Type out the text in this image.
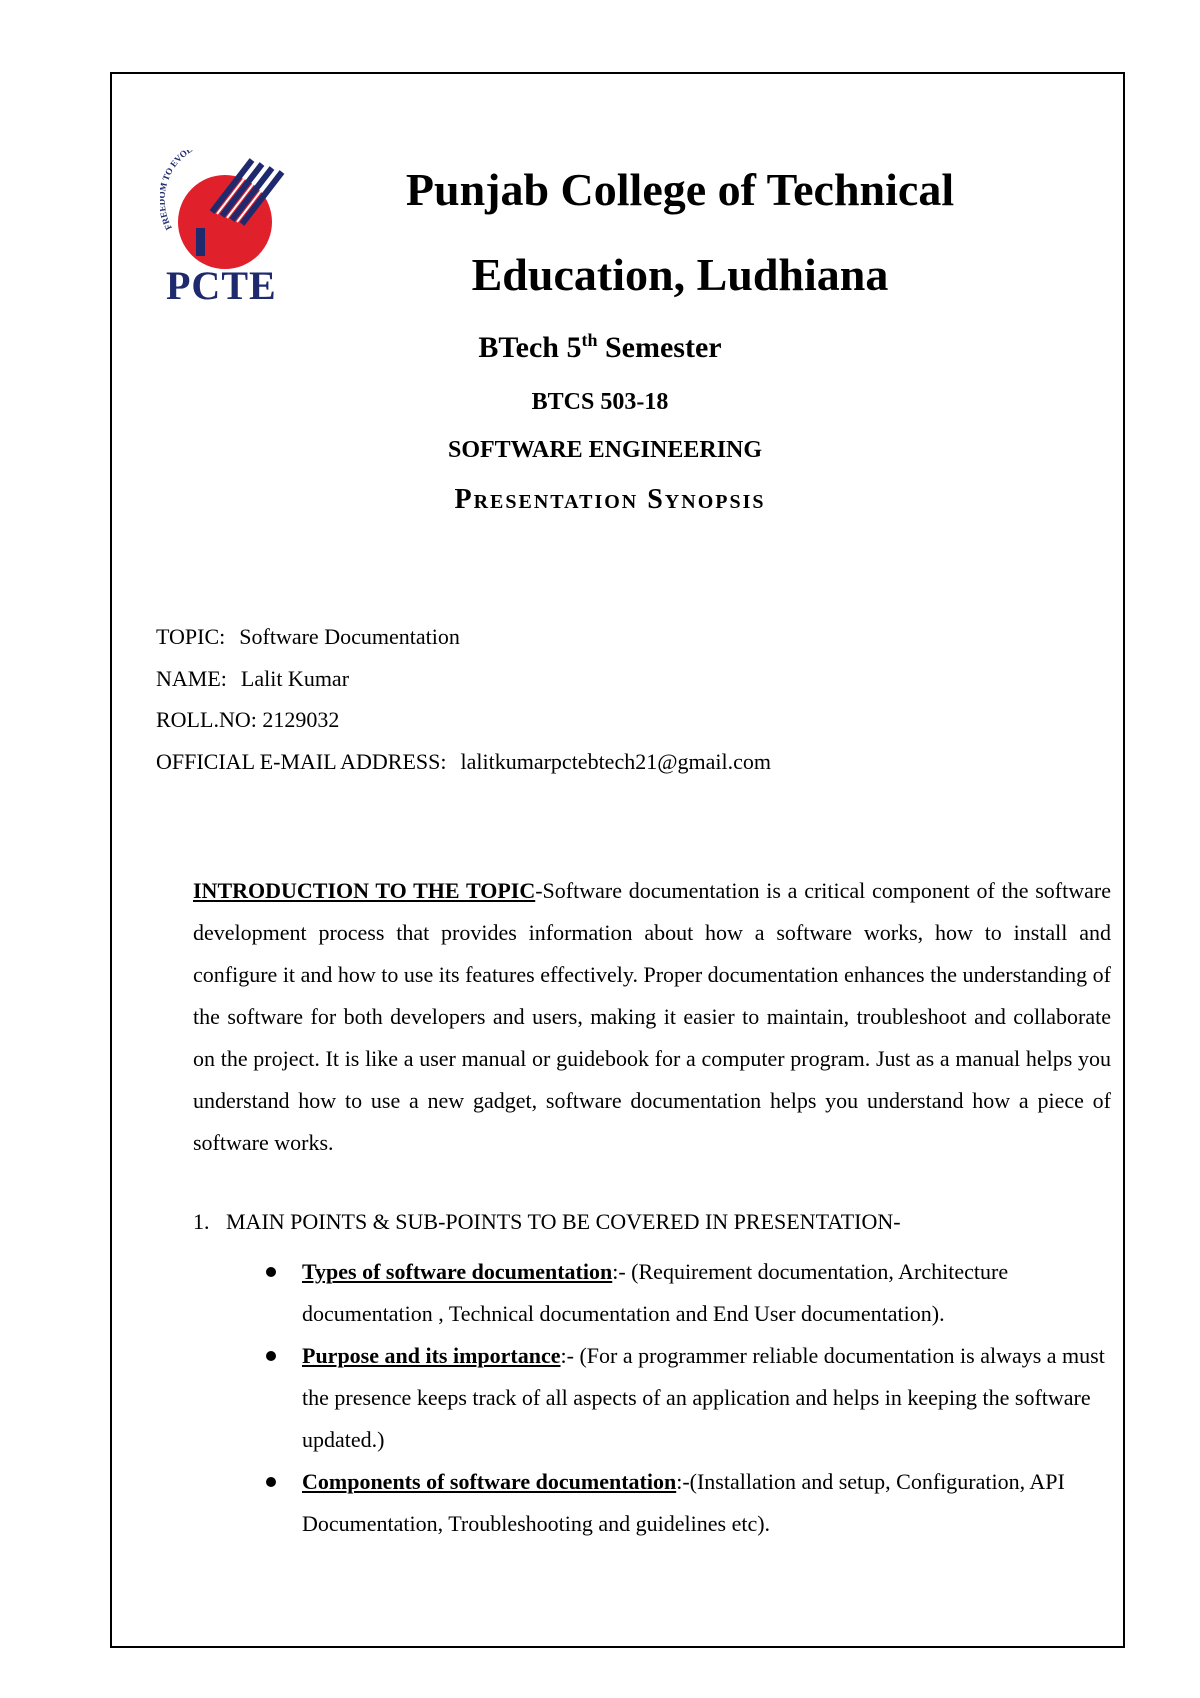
FR TO EVO
PCTE
Punjab College of Technical
Education, Ludhiana
BTech 5th Semester
BTCS 503-18
SOFTWARE ENGINEERING
Presentation Synopsis
TOPIC: Software Documentation
NAME: Lalit Kumar
ROLL.NO: 2129032
OFFICIAL E-MAIL ADDRESS: lalitkumarpctebtech21@gmail.com
INTRODUCTION TO THE TOPIC-Software documentation is a critical component of the software development process that provides information about how a software works, how to install and configure it and how to use its features effectively. Proper documentation enhances the understanding of the software for both developers and users, making it easier to maintain, troubleshoot and collaborate on the project. It is like a user manual or guidebook for a computer program. Just as a manual helps you understand how to use a new gadget, software documentation helps you understand how a piece of software works.
1. MAIN POINTS & SUB-POINTS TO BE COVERED IN PRESENTATION-
Types of software documentation:- (Requirement documentation, Architecture documentation , Technical documentation and End User documentation).
Purpose and its importance:- (For a programmer reliable documentation is always a must the presence keeps track of all aspects of an application and helps in keeping the software updated.)
Components of software documentation:-(Installation and setup, Configuration, API Documentation, Troubleshooting and guidelines etc).
